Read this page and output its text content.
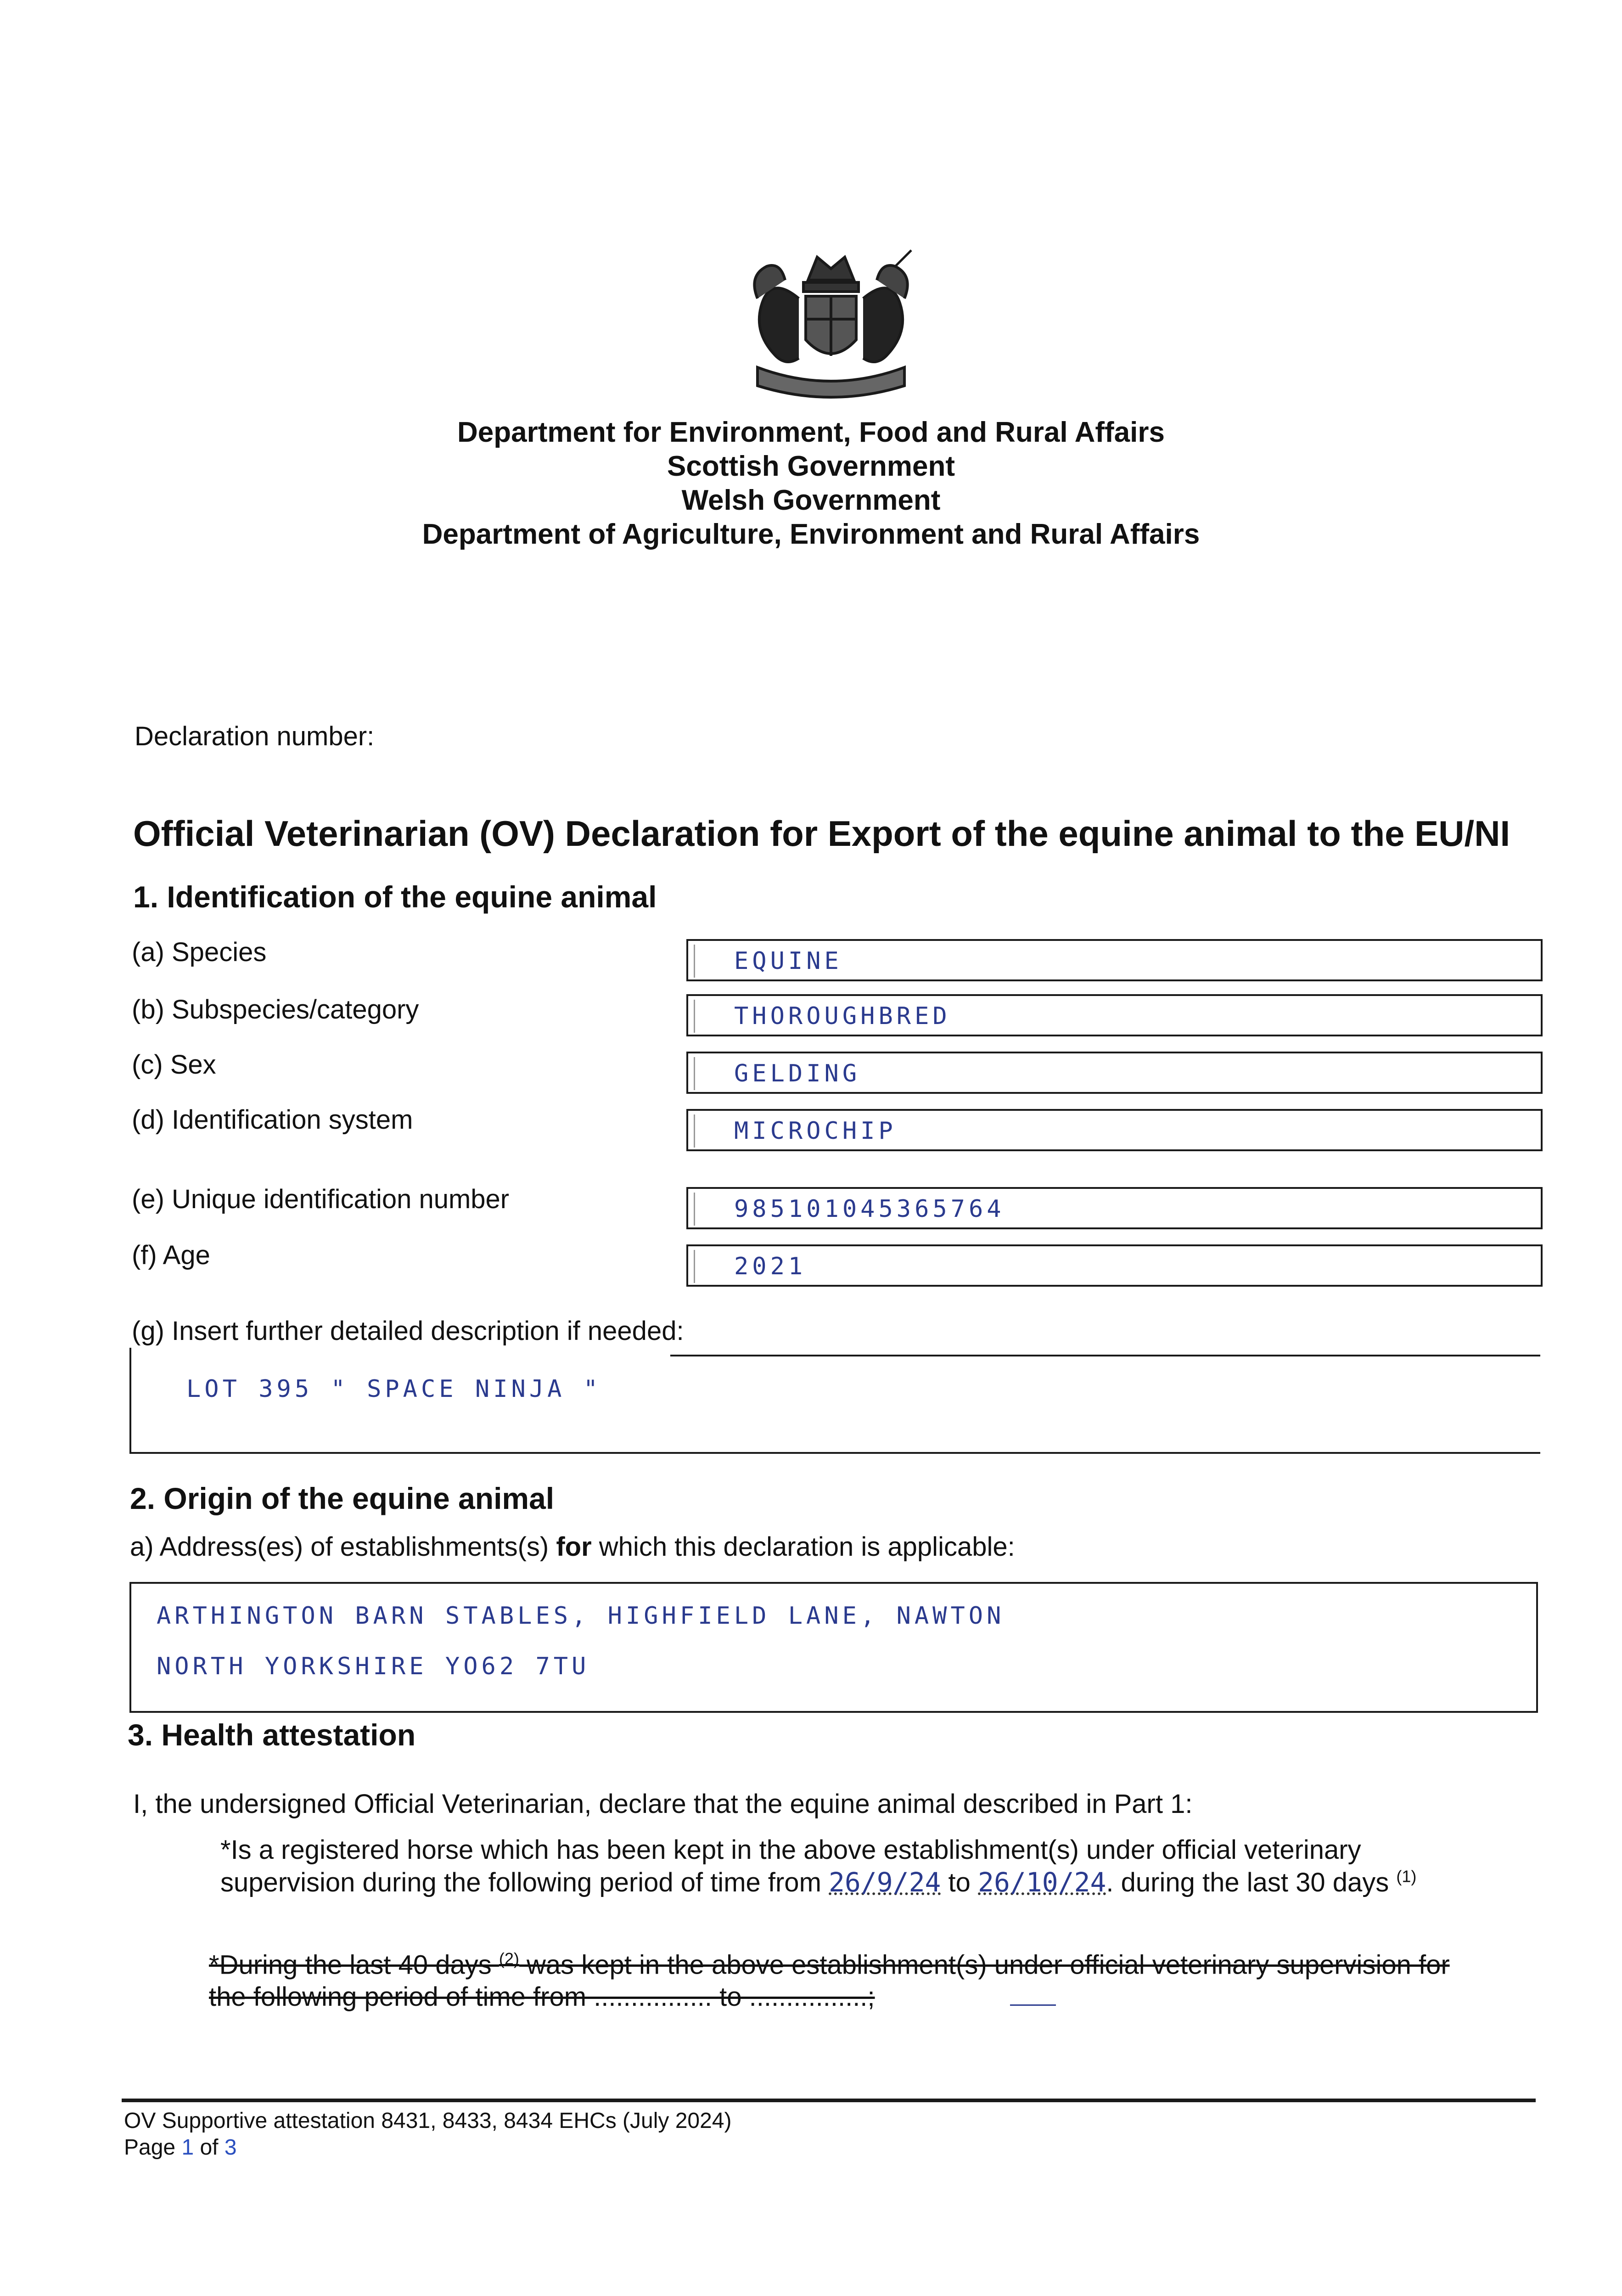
Department for Environment, Food and Rural Affairs
Scottish Government
Welsh Government
Department of Agriculture, Environment and Rural Affairs
Declaration number:
Official Veterinarian (OV) Declaration for Export of the equine animal to the EU/NI
1. Identification of the equine animal
(a) Species	EQUINE
(b) Subspecies/category	THOROUGHBRED
(c) Sex	GELDING
(d) Identification system	MICROCHIP
(e) Unique identification number	985101045365764
(f) Age	2021
(g) Insert further detailed description if needed:
LOT 395 " SPACE NINJA "
2. Origin of the equine animal
a) Address(es) of establishments(s) for which this declaration is applicable:
ARTHINGTON BARN STABLES, HIGHFIELD LANE, NAWTON
NORTH YORKSHIRE YO62 7TU
3. Health attestation
I, the undersigned Official Veterinarian, declare that the equine animal described in Part 1:
*Is a registered horse which has been kept in the above establishment(s) under official veterinary
supervision during the following period of time from 26/9/24 to 26/10/24. during the last 30 days $^{(1)}$
*During the last 40 days $^{(2)}$ was kept in the above establishment(s) under official veterinary supervision for
the following period of time from ................ to ................;
OV Supportive attestation 8431, 8433, 8434 EHCs (July 2024)
Page 1 of 3
